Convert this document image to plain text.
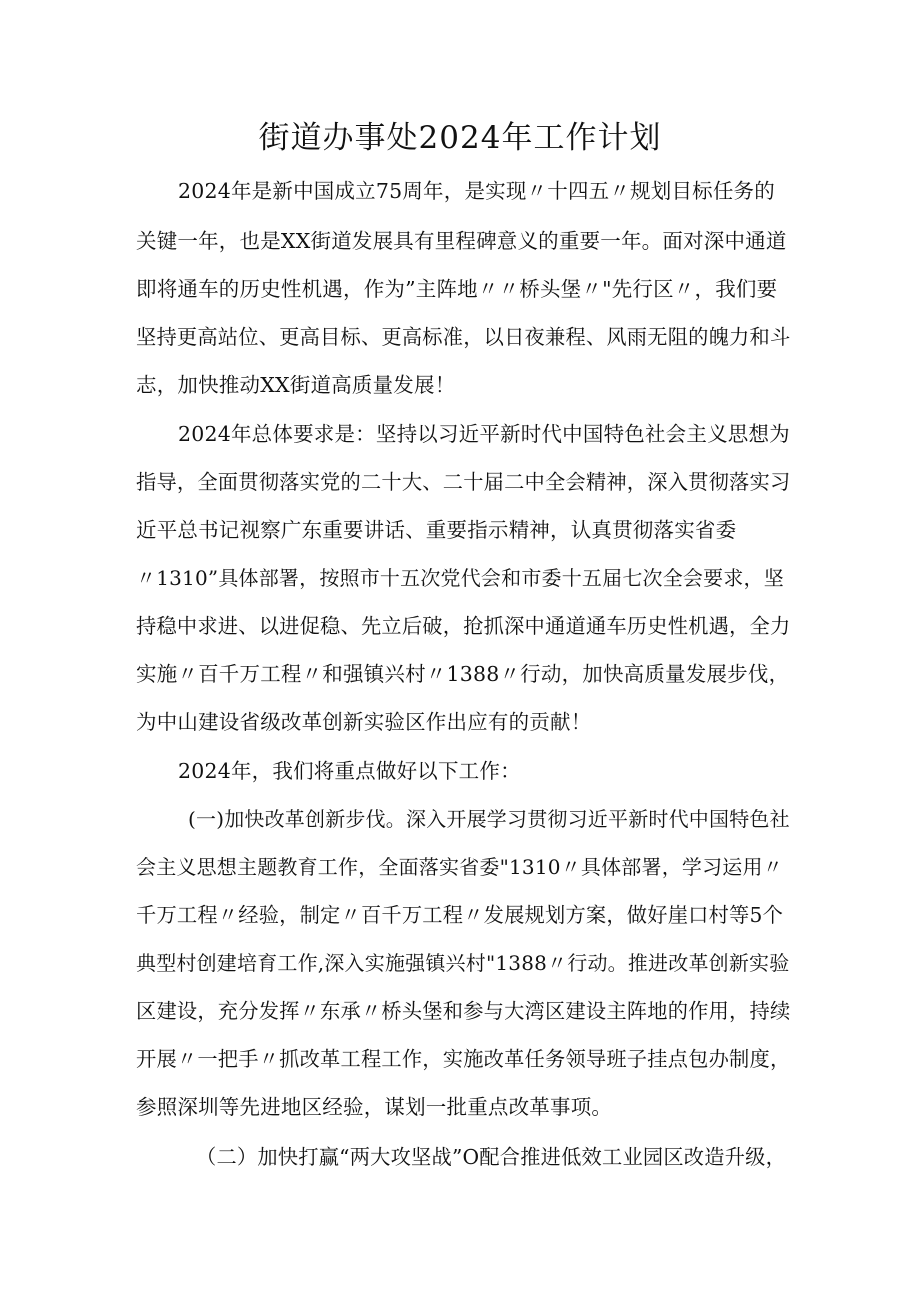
街道办事处2024年工作计划
2024年是新中国成立75周年，是实现〃十四五〃规划目标任务的
关键一年，也是XX街道发展具有里程碑意义的重要一年。面对深中通道
即将通车的历史性机遇，作为”主阵地〃〃桥头堡〃"先行区〃，我们要
坚持更高站位、更高目标、更高标准，以日夜兼程、风雨无阻的魄力和斗
志，加快推动XX街道高质量发展！
2024年总体要求是：坚持以习近平新时代中国特色社会主义思想为
指导，全面贯彻落实党的二十大、二十届二中全会精神，深入贯彻落实习
近平总书记视察广东重要讲话、重要指示精神，认真贯彻落实省委
〃1310”具体部署，按照市十五次党代会和市委十五届七次全会要求，坚
持稳中求进、以进促稳、先立后破，抢抓深中通道通车历史性机遇，全力
实施〃百千万工程〃和强镇兴村〃1388〃行动，加快高质量发展步伐，
为中山建设省级改革创新实验区作出应有的贡献！
2024年，我们将重点做好以下工作：
(一)加快改革创新步伐。深入开展学习贯彻习近平新时代中国特色社
会主义思想主题教育工作，全面落实省委"1310〃具体部署，学习运用〃
千万工程〃经验，制定〃百千万工程〃发展规划方案，做好崖口村等5个
典型村创建培育工作,深入实施强镇兴村"1388〃行动。推进改革创新实验
区建设，充分发挥〃东承〃桥头堡和参与大湾区建设主阵地的作用，持续
开展〃一把手〃抓改革工程工作，实施改革任务领导班子挂点包办制度，
参照深圳等先进地区经验，谋划一批重点改革事项。
（二）加快打赢“两大攻坚战”O配合推进低效工业园区改造升级，
